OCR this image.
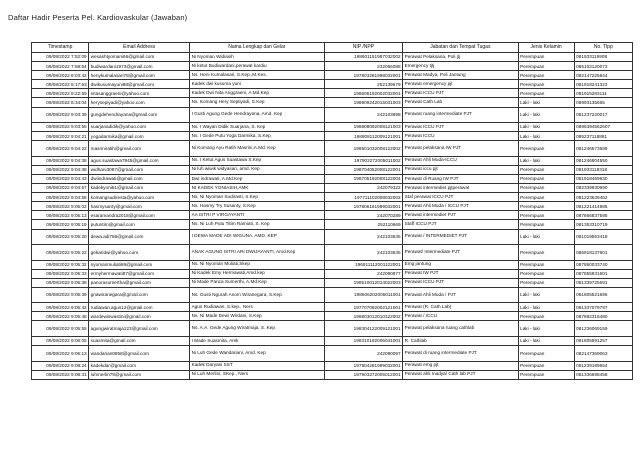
Daftar Hadir Peserta Pel. Kardiovaskular (Jawaban)
Timestamp	Email Address	Nama Lengkap dan Gelar	NIP /NPP	Jabatan dan Tempat Tugas	Jenis Kelamin	No. Tlpp
09/08/2022 7:52:09	wesashtyomani66@gmail.com	Ni Nyoman Widiasih	198601151987032002	Perawat Pelaksana, Poli jtj	Perempuan	081933119908
09/08/2022 7:58:54	budiwardani1973@gmail.com	Ni ketut Budiwardani,perawat kardiu	232066088	Emergency tjtj	Perempuan	085102120073
09/08/2022 8:03:42	henykumalasari78@gmail.com	Ns. Heni Kumalasari, S.Kep.,M.Kes.	197803281998032001	Perawat Madya, Poli Jantung	Perempuan	082147225844
09/08/2022 8:17:53	dwikusumayuni88@gmail.com	Kadek dwi kusuma yuni	252139679	Perawat emergency pjt	Perempuan	081918241323
09/08/2022 8:22:59	nitasanggraeni@yahoo.com	Kadek Dwi Nita Anggraeni, A.Md.Kep	198606192002032001	Perawat ICCU PJT	Perempuan	081915283111
09/08/2022 8:34:04	herysepiyadi@yahoo.com	Ns. Komang Hery Septiyadi, S.Kep	198909242015031003	Perawat Cath Lab	Laki - laki	08993135665
09/08/2022 9:03:39	gungdehendrayana@gmail.com	I Gusti Agung Gede Hendrayana, Amd. Kep	242103898	Perawat ruang intermediate PJT	Laki - laki	081237220017
09/08/2022 9:03:55	suarjanadidik@yahoo.com	Ns. I Wayan Didik Suarjana, S. Kep	198808092008121003	Perawat ICCU PJT	Laki - laki	0895394562607
09/08/2022 9:04:21	yogadarmika@gmail.com	Ns. I Gede Putu Yoga Darmika, S.Kep	198908112009121001	Perawat ICCU	Laki - laki	085237118881
09/08/2022 9:04:22	masriniratih@gmail.com	Ni Komang Ayu Ratih Masrini,A.Md. Kep	198501032008122002	Perawat pelaksana IW PJT	Perempuan	081246573699
09/08/2022 9:04:38	agus.suastawa7945@gmail.com	Ns. I Ketut Agus Suastawa S.Kep	197902272005011002	Perawat Ahli Muda-ICCU	Laki - laki	081246804550
09/08/2022 9:04:38	widhani3087@gmail.com	Ni luh wiwik widyasari, amd. Kep	198704052008122001	Perawat iccu pjt	Perempuan	081933118318
09/08/2022 9:04:43	dwiindrawati@gmail.com	Dwi indrawati, A.Md.Kep	198705192008122004	Perawat di Ruang IW PJT	Perempuan	081918469630
09/08/2022 9:04:57	kadekyoni61@gmail.com	NI KADEK YONIASIH,AMK	242079322	Perawat intermediet pjtperawat	Perempuan	082339930690
09/08/2022 9:04:58	komangsudiresta@yahoo.com	Ns. Ni Nyoman Sudirasti, S.Kep	197711102008032002	Staf perawat ICCU PJT	Perempuan	081223639462
09/08/2022 9:05:02	hasmysanty@gmail.com	Ns. Hasmy Try Susanty, S.Kep	197806161999032001	Perawat Ahli Muda / ICCU PJT	Perempuan	081221414985
09/08/2022 9:05:13	esaramandra2018@gmail.com	AA ISTRI P VIRGAYANTI	242070289	Perawat intermediet PJT	Perempuan	087866837595
09/08/2022 9:05:19	puturitim@gmail.com	Ns. Ni Luh Putu Titim Ramiati, S. Kep	252110669	Staff ICCU PJT	Perempuan	081353310719
09/08/2022 9:05:20	dewa.adi786@gmail.com	I DEWA MADE ADI WIGUNA, AMD. KEP	242103635	Perawat / INTERMEDIET PJT	Laki - laki	081019553418
09/08/2022 9:05:22	gekaridwi@yahoo.com	ANAK AGUNG ISTRI ARI DWIJAYANTI, Amd.Kep	242103635	Perawat/ Intermediate PJT	Perempuan	085918137601
09/08/2022 9:05:32	nyomanmuliati69@gmail.com	Ns. Ni Nyoman Muliati,Skep	196911112001122001	Emg jantung	Perempuan	087860033740
09/08/2022 9:05:33	ermyhermawati87@gmail.com	Ni Kadek Emy Hermawati,Amd.kep	242090877	Perawat IW PJT	Perempuan	087855831601
09/08/2022 9:05:38	panorasumertha@gmail.com	Ni Made Panca Sumerthi, A.Md.Kep	198510012014022003	Perawat ICCU PJT	Perempuan	081339725691
09/08/2022 9:05:39	gnawiranegara@gmail.com	Ns. Gusti Ngurah Anom Wiranegara, S.Kep	198606202005011001	Perawat Ahli Muda / PJT	Laki - laki	081805521696
09/08/2022 9:05:42	rudiawan.agus12@gmail.com	Agus Rudiawan, S.kep., Ners	197707092002121001	Perawat (R. Cath Lab)	Laki - laki	081337079797
09/08/2022 9:05:48	wardewiswastini@gmail.com	Ns. Ni Made Dewi Wirdani, S.Kep	198803012010122002	Perawat / ICCU	Perempuan	087882318480
09/08/2022 9:05:55	agungwiratmaja123@gmail.com	Ns. A.A. Gede Agung Wiratmaja, S. Kep	198304122009121001	Perawat pelaksana ruang cathlab	Laki - laki	081236069159
09/08/2022 9:06:05	suasmita@gmail.com	I Made Suasmita, Amk	198310192006041001	R. Cathlab	Laki - laki	081805591257
09/08/2022 9:06:13	wandarian0858@gmail.com	Ni Luh Gede Wandariani, Amd. Kep	242090097	Perawat di ruang intermediate PJT	Perempuan	082147369063
09/08/2022 9:08:24	kadekdar@gmail.com	Kadek Daryani SST	197904281999032001	Perawat emg pjt	Perempuan	081239189654
09/08/2022 9:08:31	luhmerlin79@gmail.com	Ni Luh Merlini, SKep., Ners	197903272005012001	Perawat ahli madya/ Cath lab PJT	Perempuan	081336698458
